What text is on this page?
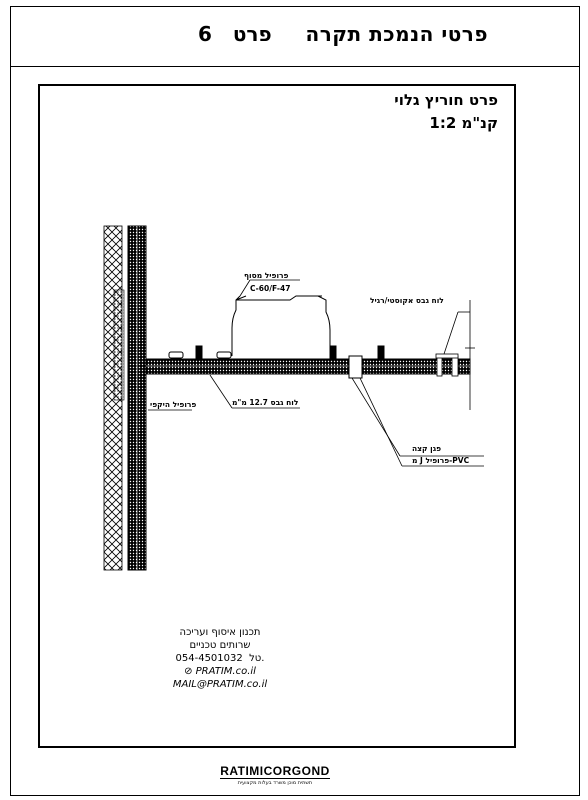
פרטי הנמכת תקרה
6 פרט
פרט חוריץ גלוי
קנ"מ 1:2
פרופיל מסוף
C-60/F-47
לוח גבס אקוסטי/רגיל
לוח גבס 12.7 מ"מ
פרופיל היקפי
פגן קצה
PVC-פרופיל J מ
תכנון איסוף ועריכה
שרותים טכניים
054-4501032 טל.
⊘ PRATIM.co.il
MAIL@PRATIM.co.il
RATIMICORGOND
תשתית מוכן משרד בעלות מקצועית
